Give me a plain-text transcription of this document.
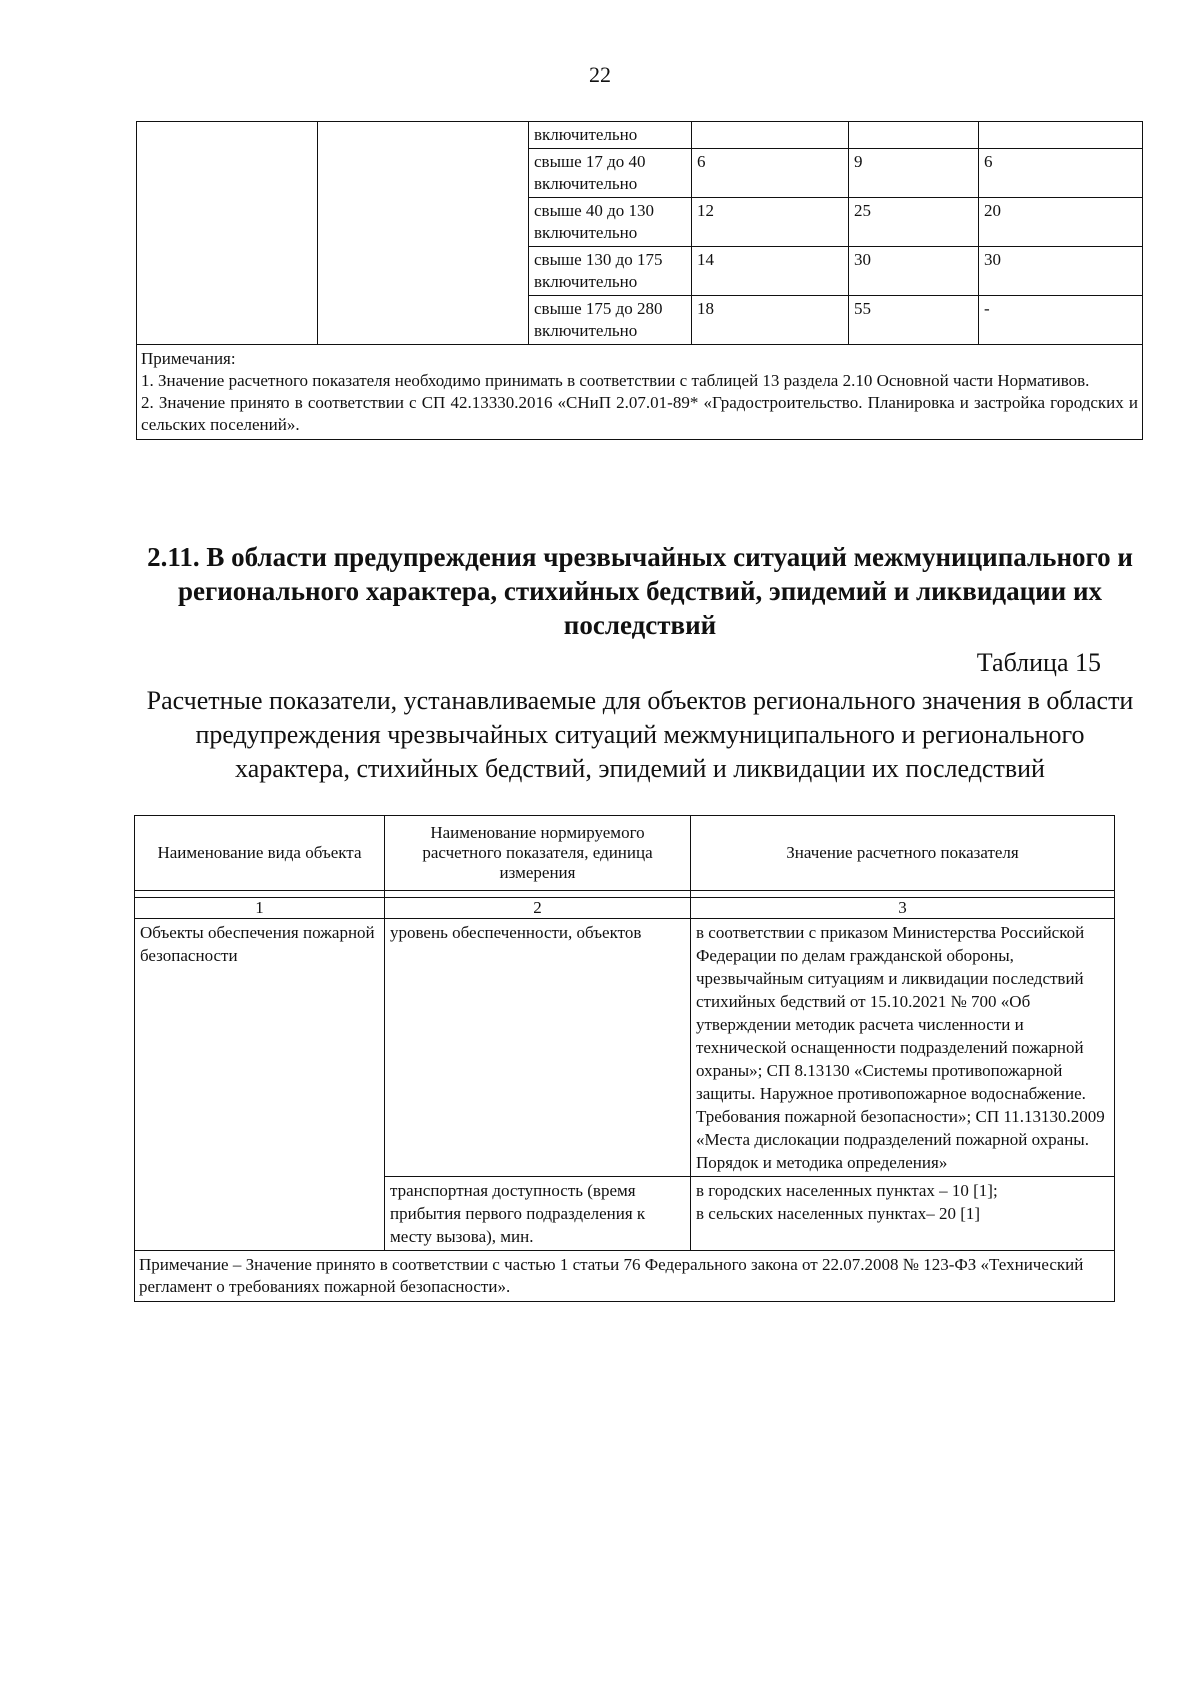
22
		включительно			
		свыше 17 до 40 включительно	6	9	6
		свыше 40 до 130 включительно	12	25	20
		свыше 130 до 175 включительно	14	30	30
		свыше 175 до 280 включительно	18	55	-

Примечания:
1. Значение расчетного показателя необходимо принимать в соответствии с таблицей 13 раздела 2.10 Основной части Нормативов.
2. Значение принято в соответствии с СП 42.13330.2016 «СНиП 2.07.01-89* «Градостроительство. Планировка и застройка городских и сельских поселений».					
2.11. В области предупреждения чрезвычайных ситуаций межмуниципального и регионального характера, стихийных бедствий, эпидемий и ликвидации их последствий
Таблица 15
Расчетные показатели, устанавливаемые для объектов регионального значения в области предупреждения чрезвычайных ситуаций межмуниципального и регионального характера, стихийных бедствий, эпидемий и ликвидации их последствий
Наименование вида объекта	Наименование нормируемого расчетного показателя, единица измерения	Значение расчетного показателя

1	2	3
Объекты обеспечения пожарной безопасности	уровень обеспеченности, объектов	в соответствии с приказом Министерства Российской Федерации по делам гражданской обороны, чрезвычайным ситуациям и ликвидации последствий стихийных бедствий от 15.10.2021 № 700 «Об утверждении методик расчета численности и технической оснащенности подразделений пожарной охраны»; СП 8.13130 «Системы противопожарной защиты. Наружное противопожарное водоснабжение. Требования пожарной безопасности»; СП 11.13130.2009 «Места дислокации подразделений пожарной охраны. Порядок и методика определения»
	транспортная доступность (время прибытия первого подразделения к месту вызова), мин.	в городских населенных пунктах – 10 [1];
в сельских населенных пунктах– 20 [1]

Примечание – Значение принято в соответствии с частью 1 статьи 76 Федерального закона от 22.07.2008 № 123-ФЗ «Технический регламент о требованиях пожарной безопасности».		
